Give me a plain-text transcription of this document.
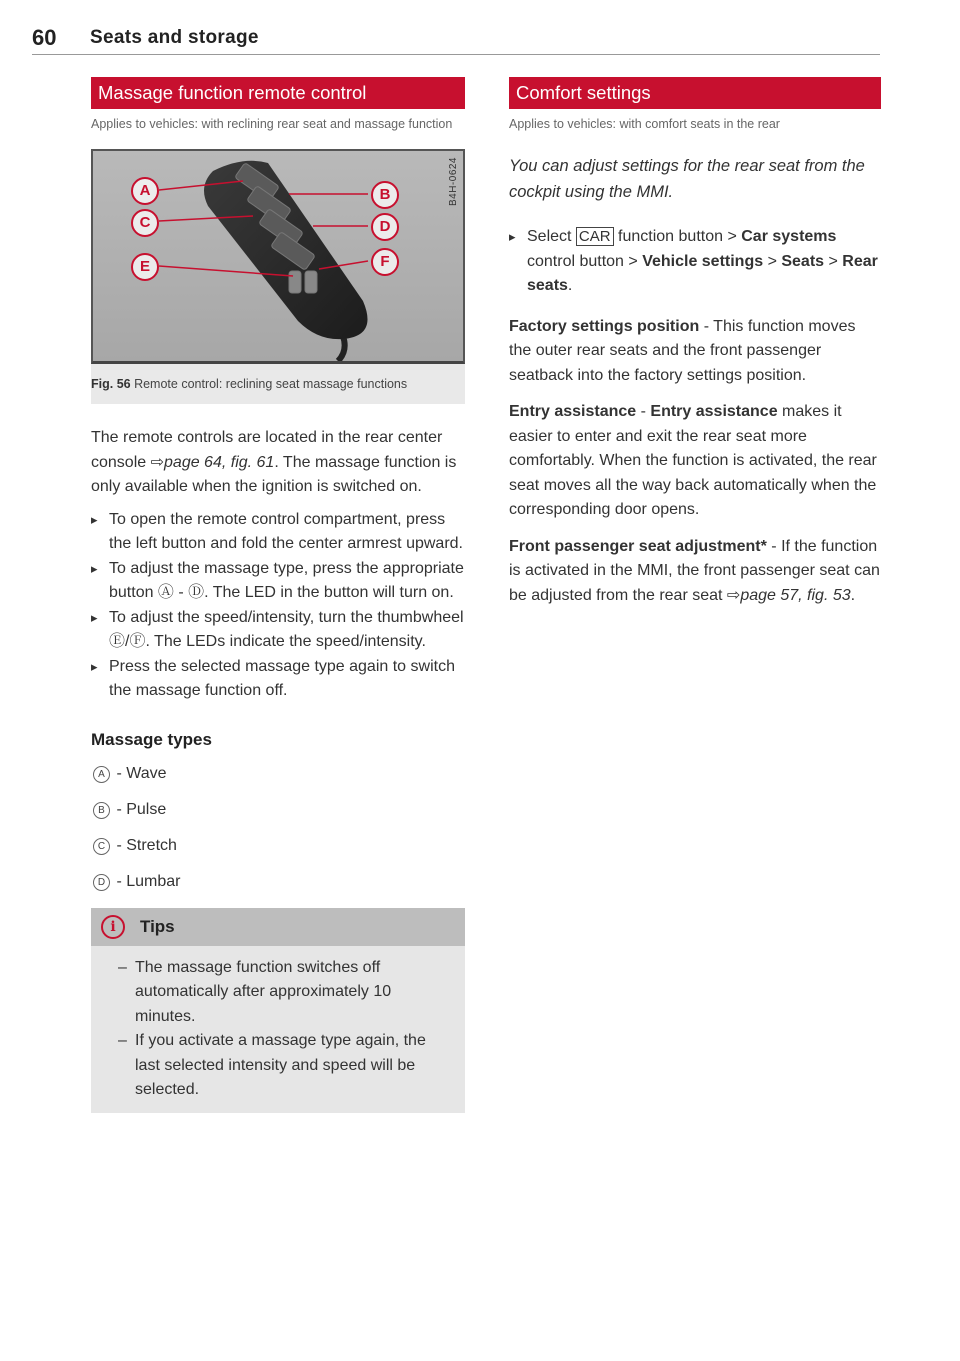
60 Seats and storage
Massage function remote control
Applies to vehicles: with reclining rear seat and massage function
A	B
C	D
E	F
B4H-0624
Fig. 56 Remote control: reclining seat massage functions

The remote controls are located in the rear center console ⇨page 64, fig. 61. The massage function is only available when the ignition is switched on.

▸ To open the remote control compartment, press the left button and fold the center armrest upward.
▸ To adjust the massage type, press the appropriate button Ⓐ - Ⓓ. The LED in the button will turn on.
▸ To adjust the speed/intensity, turn the thumbwheel Ⓔ/Ⓕ. The LEDs indicate the speed/intensity.
▸ Press the selected massage type again to switch the massage function off.
Massage types
A - Wave
B - Pulse
C - Stretch
D - Lumbar
i	Tips
– The massage function switches off automatically after approximately 10 minutes.
– If you activate a massage type again, the last selected intensity and speed will be selected.
Comfort settings
Applies to vehicles: with comfort seats in the rear

You can adjust settings for the rear seat from the cockpit using the MMI.

▸ Select CAR function button > Car systems control button > Vehicle settings > Seats > Rear seats.

Factory settings position - This function moves the outer rear seats and the front passenger seatback into the factory settings position.

Entry assistance - Entry assistance makes it easier to enter and exit the rear seat more comfortably. When the function is activated, the rear seat moves all the way back automatically when the corresponding door opens.

Front passenger seat adjustment* - If the function is activated in the MMI, the front passenger seat can be adjusted from the rear seat ⇨page 57, fig. 53.
